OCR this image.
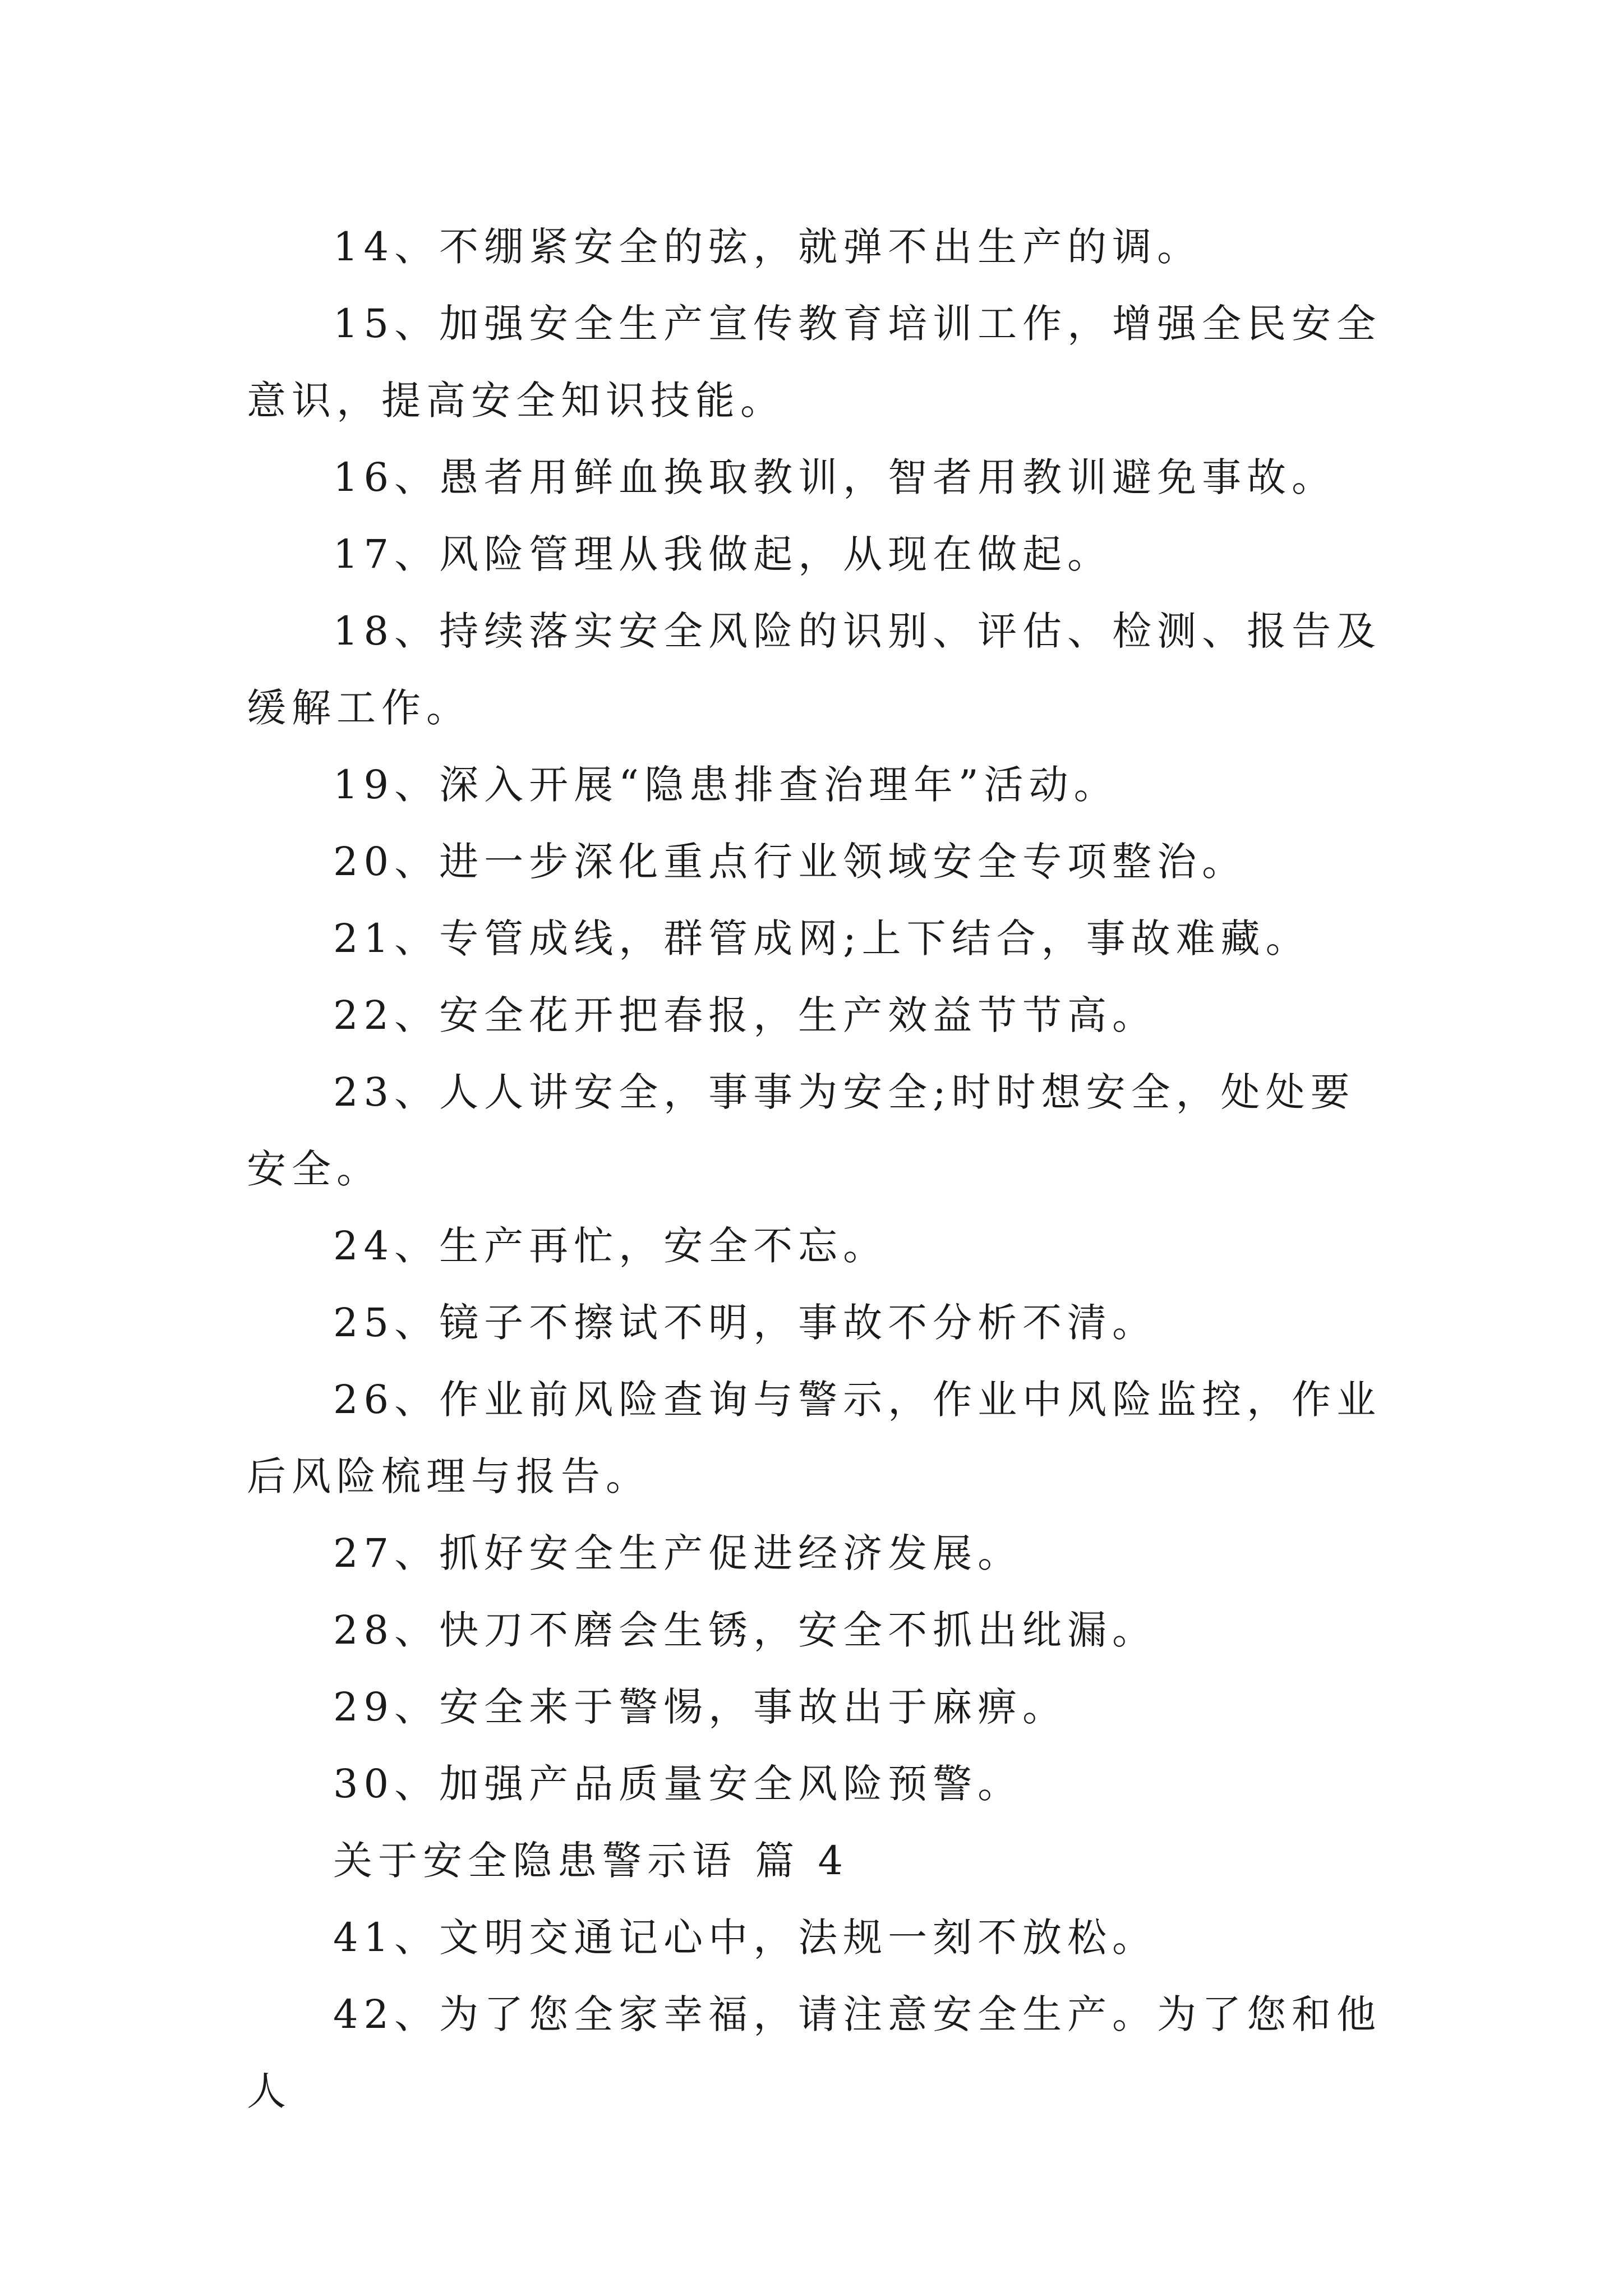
14、不绷紧安全的弦，就弹不出生产的调。

15、加强安全生产宣传教育培训工作，增强全民安全意识，提高安全知识技能。

16、愚者用鲜血换取教训，智者用教训避免事故。

17、风险管理从我做起，从现在做起。

18、持续落实安全风险的识别、评估、检测、报告及缓解工作。

19、深入开展“隐患排查治理年”活动。

20、进一步深化重点行业领域安全专项整治。

21、专管成线，群管成网;上下结合，事故难藏。

22、安全花开把春报，生产效益节节高。

23、人人讲安全，事事为安全;时时想安全，处处要安全。

24、生产再忙，安全不忘。

25、镜子不擦试不明，事故不分析不清。

26、作业前风险查询与警示，作业中风险监控，作业后风险梳理与报告。

27、抓好安全生产促进经济发展。

28、快刀不磨会生锈，安全不抓出纰漏。

29、安全来于警惕，事故出于麻痹。

30、加强产品质量安全风险预警。

关于安全隐患警示语 篇 4

41、文明交通记心中，法规一刻不放松。

42、为了您全家幸福，请注意安全生产。为了您和他人
